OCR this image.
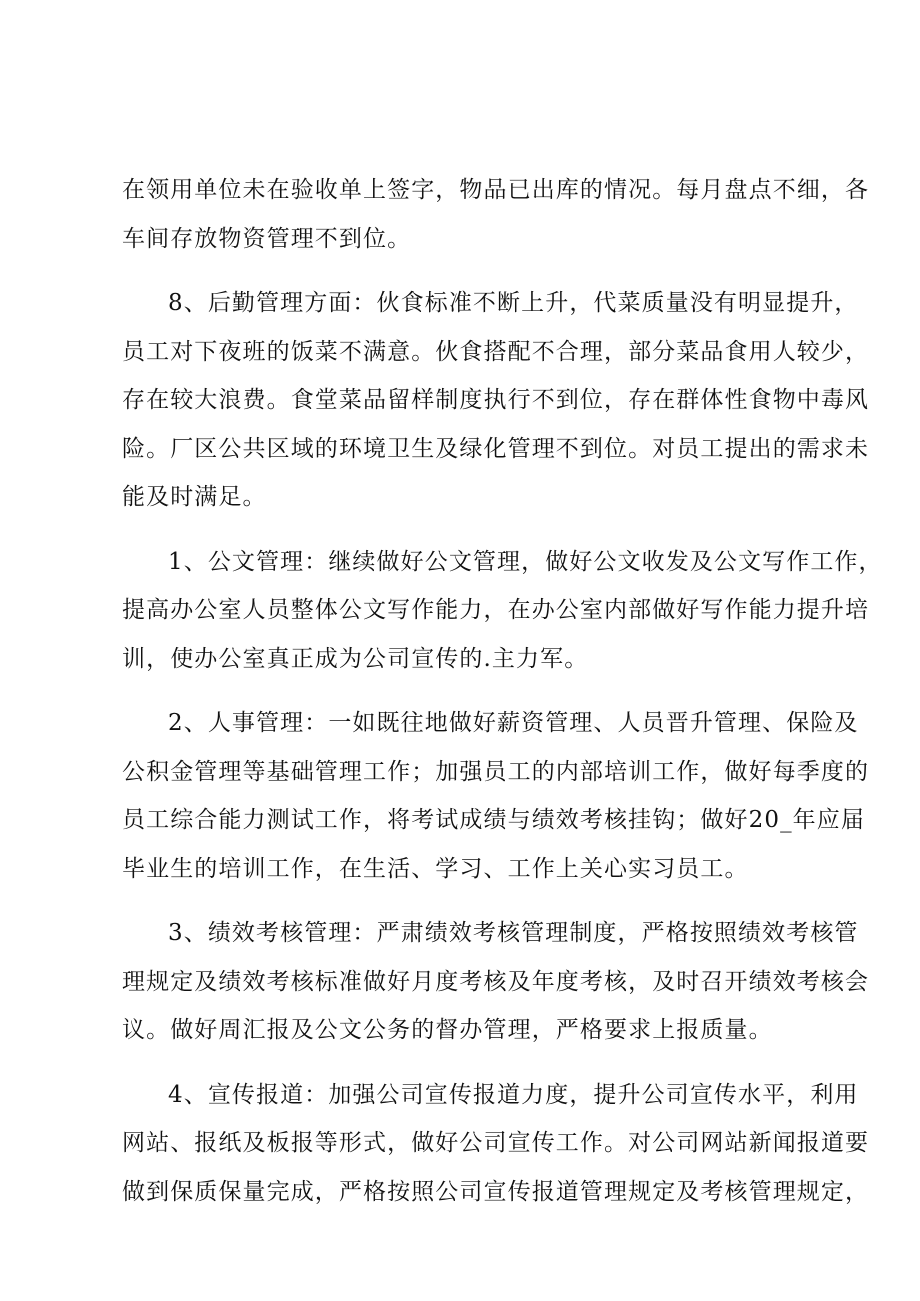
在领用单位未在验收单上签字，物品已出库的情况。每月盘点不细，各
车间存放物资管理不到位。
8、后勤管理方面：伙食标准不断上升，代菜质量没有明显提升，
员工对下夜班的饭菜不满意。伙食搭配不合理，部分菜品食用人较少，
存在较大浪费。食堂菜品留样制度执行不到位，存在群体性食物中毒风
险。厂区公共区域的环境卫生及绿化管理不到位。对员工提出的需求未
能及时满足。
1、公文管理：继续做好公文管理，做好公文收发及公文写作工作，
提高办公室人员整体公文写作能力，在办公室内部做好写作能力提升培
训，使办公室真正成为公司宣传的.主力军。
2、人事管理：一如既往地做好薪资管理、人员晋升管理、保险及
公积金管理等基础管理工作；加强员工的内部培训工作，做好每季度的
员工综合能力测试工作，将考试成绩与绩效考核挂钩；做好20_年应届
毕业生的培训工作，在生活、学习、工作上关心实习员工。
3、绩效考核管理：严肃绩效考核管理制度，严格按照绩效考核管
理规定及绩效考核标准做好月度考核及年度考核，及时召开绩效考核会
议。做好周汇报及公文公务的督办管理，严格要求上报质量。
4、宣传报道：加强公司宣传报道力度，提升公司宣传水平，利用
网站、报纸及板报等形式，做好公司宣传工作。对公司网站新闻报道要
做到保质保量完成，严格按照公司宣传报道管理规定及考核管理规定，
